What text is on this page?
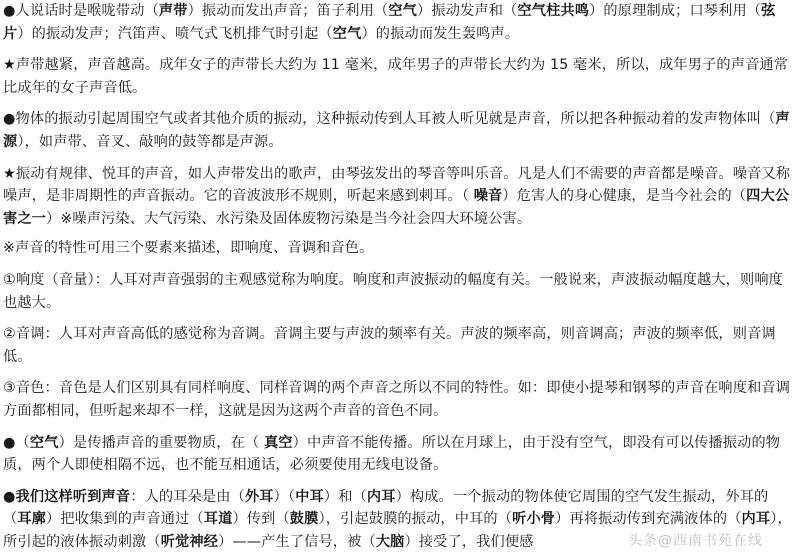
●人说话时是喉咙带动（声带）振动而发出声音；笛子利用（空气）振动发声和（空气柱共鸣）的原理制成；口琴利用（弦片）的振动发声；汽笛声、喷气式飞机排气时引起（空气）的振动而发生轰鸣声。

★声带越紧，声音越高。成年女子的声带长大约为 11 毫米，成年男子的声带长大约为 15 毫米，所以，成年男子的声音通常比成年的女子声音低。

●物体的振动引起周围空气或者其他介质的振动，这种振动传到人耳被人听见就是声音，所以把各种振动着的发声物体叫（声源），如声带、音叉、敲响的鼓等都是声源。

★振动有规律、悦耳的声音，如人声带发出的歌声，由琴弦发出的琴音等叫乐音。凡是人们不需要的声音都是噪音。噪音又称噪声，是非周期性的声音振动。它的音波波形不规则，听起来感到刺耳。（ 噪音）危害人的身心健康，是当今社会的（四大公害之一）※噪声污染、大气污染、水污染及固体废物污染是当今社会四大环境公害。

※声音的特性可用三个要素来描述，即响度、音调和音色。

①响度（音量）：人耳对声音强弱的主观感觉称为响度。响度和声波振动的幅度有关。一般说来，声波振动幅度越大，则响度也越大。

②音调：人耳对声音高低的感觉称为音调。音调主要与声波的频率有关。声波的频率高，则音调高；声波的频率低，则音调低。

③音色：音色是人们区别具有同样响度、同样音调的两个声音之所以不同的特性。如：即使小提琴和钢琴的声音在响度和音调方面都相同，但听起来却不一样，这就是因为这两个声音的音色不同。

●（空气）是传播声音的重要物质，在（ 真空）中声音不能传播。所以在月球上，由于没有空气，即没有可以传播振动的物质，两个人即使相隔不远，也不能互相通话，必须要使用无线电设备。

●我们这样听到声音：人的耳朵是由（外耳）（中耳）和（内耳）构成。一个振动的物体使它周围的空气发生振动，外耳的（耳廓）把收集到的声音通过（耳道）传到（鼓膜），引起鼓膜的振动，中耳的（听小骨）再将振动传到充满液体的（内耳），所引起的液体振动刺激（听觉神经）——产生了信号，被（大脑）接受了，我们便感	头条@西南书苑在线
